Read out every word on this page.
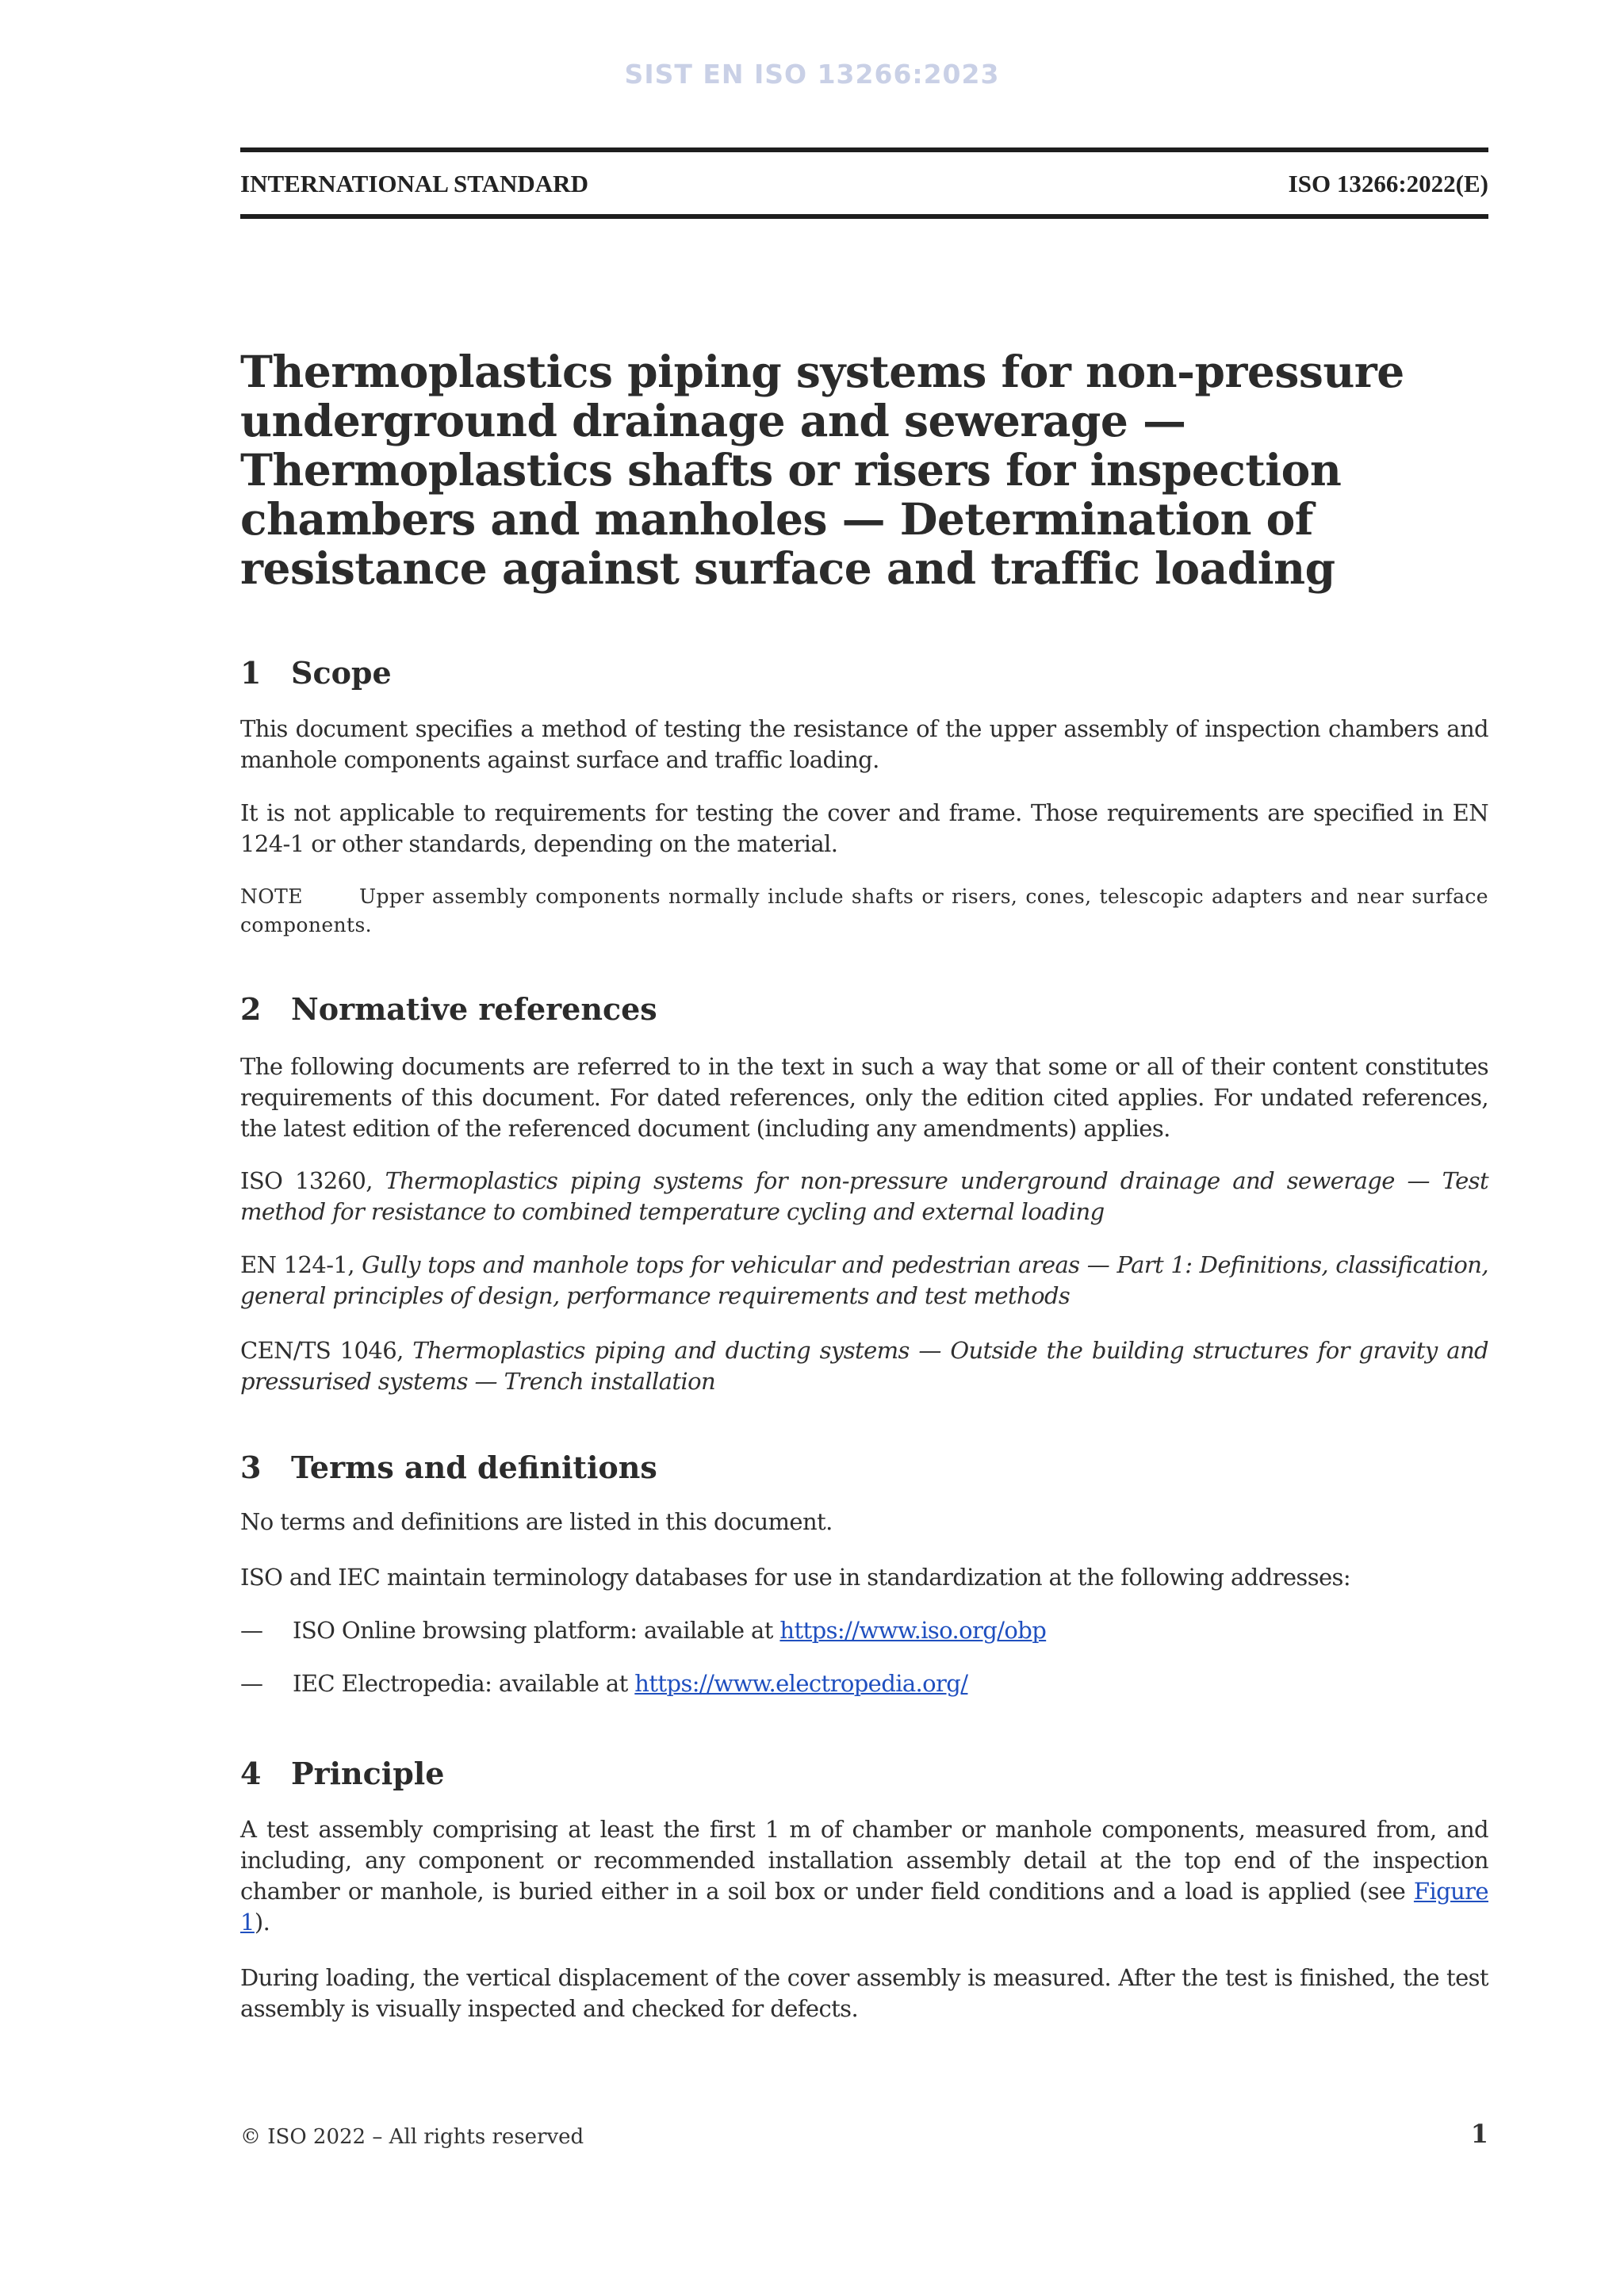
SIST EN ISO 13266:2023
INTERNATIONAL STANDARD	ISO 13266:2022(E)
Thermoplastics piping systems for non-pressure underground drainage and sewerage — Thermoplastics shafts or risers for inspection chambers and manholes — Determination of resistance against surface and traffic loading
1 Scope
This document specifies a method of testing the resistance of the upper assembly of inspection chambers and manhole components against surface and traffic loading.
It is not applicable to requirements for testing the cover and frame. Those requirements are specified in EN 124-1 or other standards, depending on the material.
NOTE	Upper assembly components normally include shafts or risers, cones, telescopic adapters and near surface components.
2 Normative references
The following documents are referred to in the text in such a way that some or all of their content constitutes requirements of this document. For dated references, only the edition cited applies. For undated references, the latest edition of the referenced document (including any amendments) applies.
ISO 13260, Thermoplastics piping systems for non-pressure underground drainage and sewerage — Test method for resistance to combined temperature cycling and external loading
EN 124-1, Gully tops and manhole tops for vehicular and pedestrian areas — Part 1: Definitions, classification, general principles of design, performance requirements and test methods
CEN/TS 1046, Thermoplastics piping and ducting systems — Outside the building structures for gravity and pressurised systems — Trench installation
3 Terms and definitions
No terms and definitions are listed in this document.
ISO and IEC maintain terminology databases for use in standardization at the following addresses:
— ISO Online browsing platform: available at https://www.iso.org/obp
— IEC Electropedia: available at https://www.electropedia.org/
4 Principle
A test assembly comprising at least the first 1 m of chamber or manhole components, measured from, and including, any component or recommended installation assembly detail at the top end of the inspection chamber or manhole, is buried either in a soil box or under field conditions and a load is applied (see Figure 1).
During loading, the vertical displacement of the cover assembly is measured. After the test is finished, the test assembly is visually inspected and checked for defects.
© ISO 2022 – All rights reserved	1
